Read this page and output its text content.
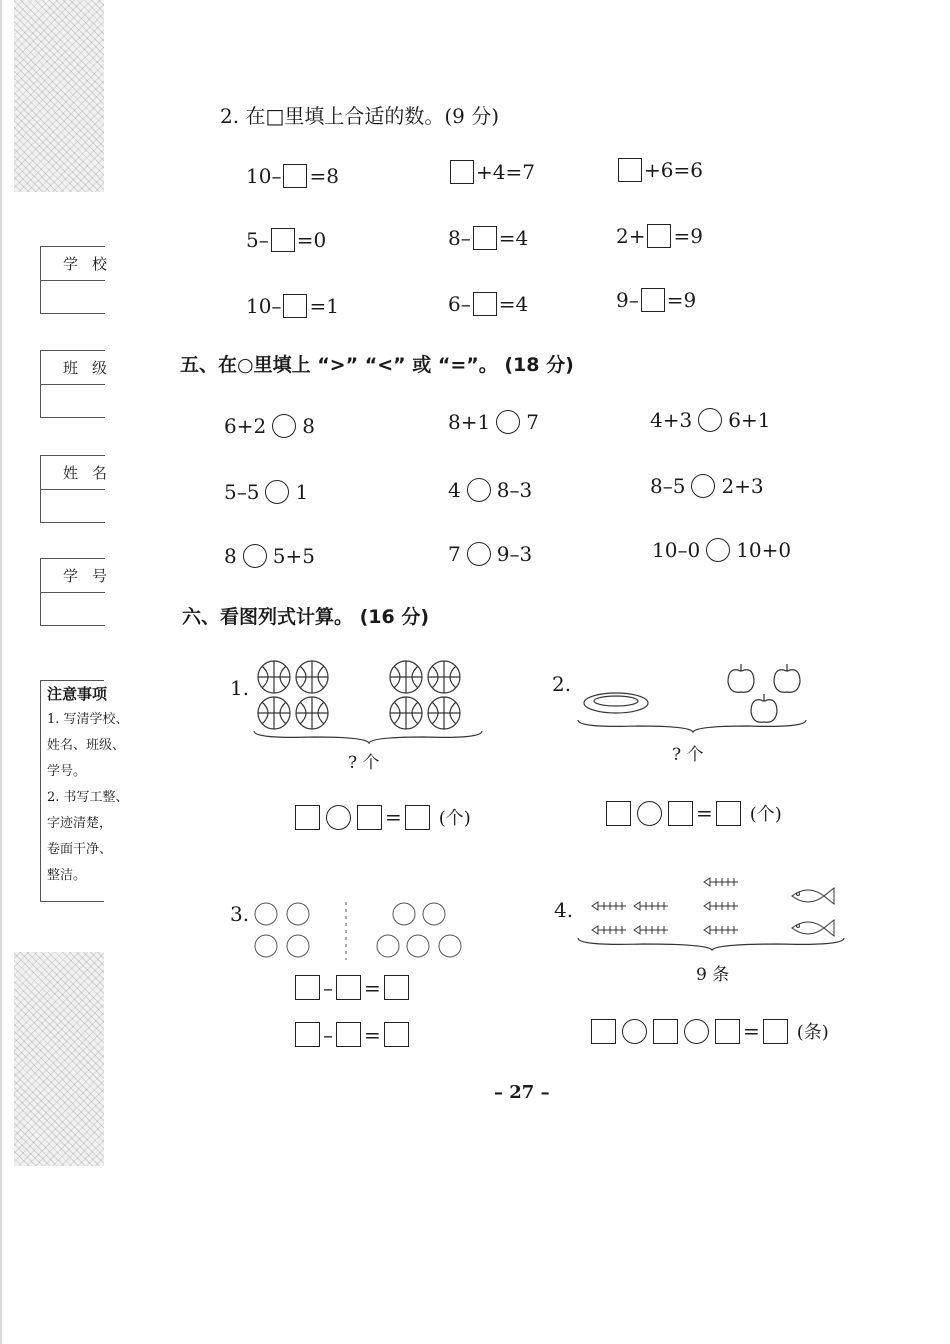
学校
班级
姓名
学号
注意事项
1. 写清学校、
姓名、班级、
学号。
2. 书写工整、
字迹清楚，
卷面干净、
整洁。
2. 在□里填上合适的数。(9 分)
10– =8	+4=7	+6=6
5– =0	8– =4	2+ =9
10– =1	6– =4	9– =9
五、在○里填上 “>” “<” 或 “=”。 (18 分)
6+2 8	8+1 7	4+3 6+1
5–5 1	4 8–3	8–5 2+3
8 5+5	7 9–3	10–0 10+0
六、看图列式计算。 (16 分)
1.
? 个
= (个)
2.
? 个
= (个)
3.
– =
– =
4.
9 条
= (条)
– 27 –
